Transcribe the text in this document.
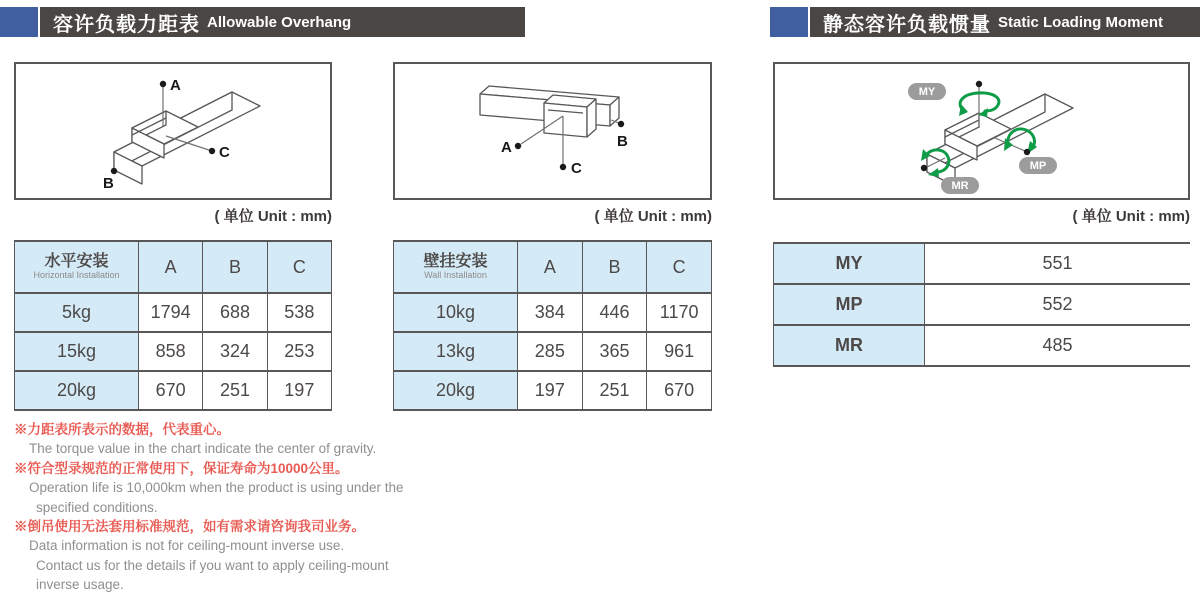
容许负载力距表 Allowable Overhang	静态容许负载惯量 Static Loading Moment
A
B
C	A	B
C
MY
MP
MR
( 单位 Unit : mm)	( 单位 Unit : mm)	( 单位 Unit : mm)
水平安装
Horizontal Installation	A	B	C
5kg	1794	688	538
15kg	858	324	253
20kg	670	251	197
壁挂安装
Wall Installation	A	B	C
10kg	384	446	1170
13kg	285	365	961
20kg	197	251	670
MY	551
MP	552
MR	485
※力距表所表示的数据，代表重心。
The torque value in the chart indicate the center of gravity.
※符合型录规范的正常使用下，保证寿命为10000公里。
Operation life is 10,000km when the product is using under the
specified conditions.
※倒吊使用无法套用标准规范，如有需求请咨询我司业务。
Data information is not for ceiling-mount inverse use.
Contact us for the details if you want to apply ceiling-mount
inverse usage.
